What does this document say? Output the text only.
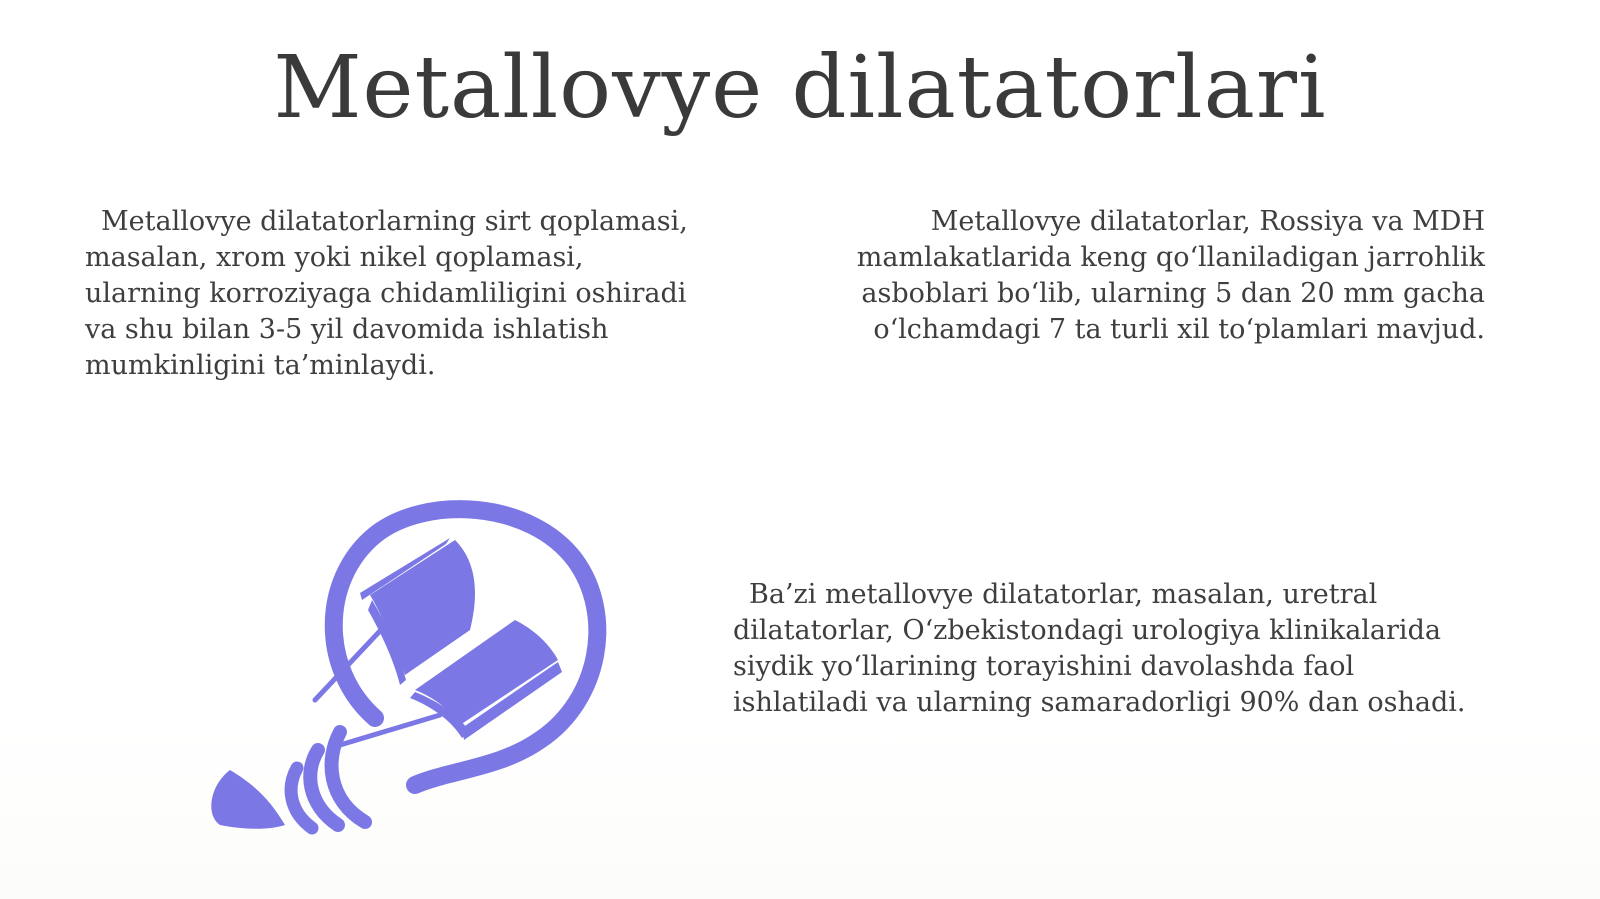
Metallovye dilatatorlari

Metallovye dilatatorlarning sirt qoplamasi, masalan, xrom yoki nikel qoplamasi, ularning korroziyaga chidamliligini oshiradi va shu bilan 3-5 yil davomida ishlatish mumkinligini ta’minlaydi.

Metallovye dilatatorlar, Rossiya va MDH mamlakatlarida keng qo‘llaniladigan jarrohlik asboblari bo‘lib, ularning 5 dan 20 mm gacha o‘lchamdagi 7 ta turli xil to‘plamlari mavjud.

Ba’zi metallovye dilatatorlar, masalan, uretral dilatatorlar, O‘zbekistondagi urologiya klinikalarida siydik yo‘llarining torayishini davolashda faol ishlatiladi va ularning samaradorligi 90% dan oshadi.
